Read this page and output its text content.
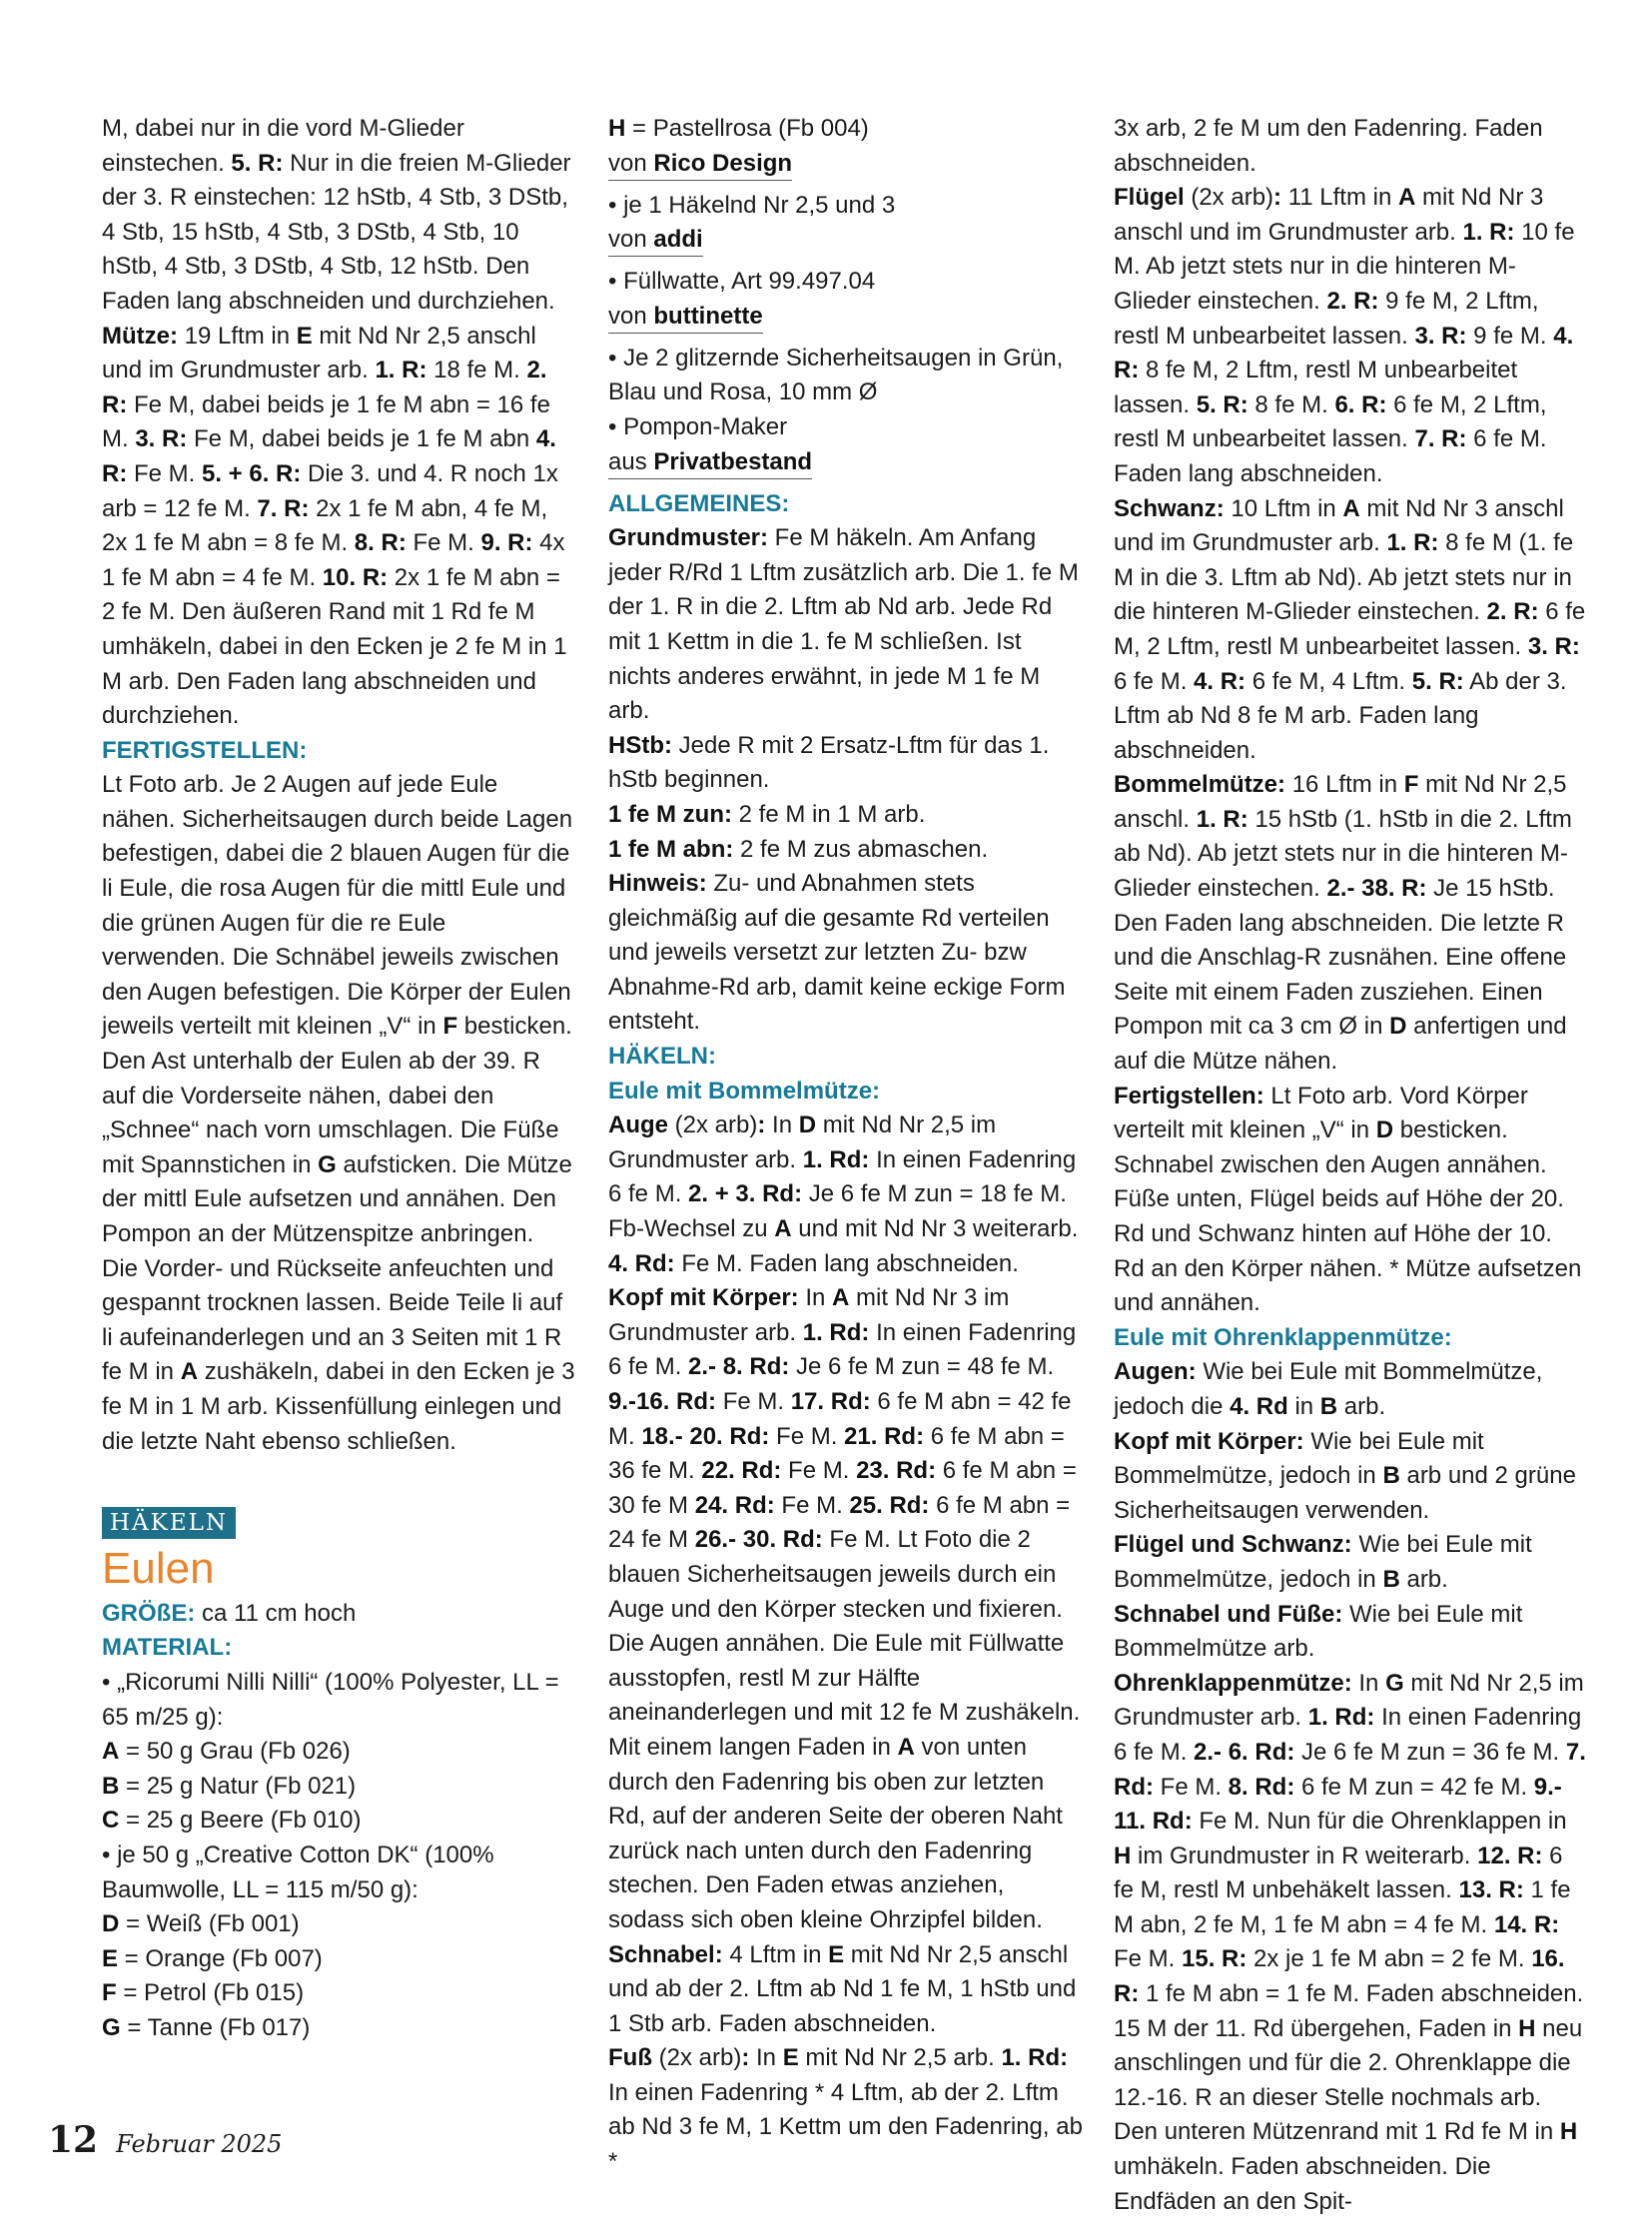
M, dabei nur in die vord M-Glieder einstechen. 5. R: Nur in die freien M-Glieder der 3. R einstechen: 12 hStb, 4 Stb, 3 DStb, 4 Stb, 15 hStb, 4 Stb, 3 DStb, 4 Stb, 10 hStb, 4 Stb, 3 DStb, 4 Stb, 12 hStb. Den Faden lang abschneiden und durchziehen.

Mütze: 19 Lftm in E mit Nd Nr 2,5 anschl und im Grundmuster arb. 1. R: 18 fe M. 2. R: Fe M, dabei beids je 1 fe M abn = 16 fe M. 3. R: Fe M, dabei beids je 1 fe M abn 4. R: Fe M. 5. + 6. R: Die 3. und 4. R noch 1x arb = 12 fe M. 7. R: 2x 1 fe M abn, 4 fe M, 2x 1 fe M abn = 8 fe M. 8. R: Fe M. 9. R: 4x 1 fe M abn = 4 fe M. 10. R: 2x 1 fe M abn = 2 fe M. Den äußeren Rand mit 1 Rd fe M umhäkeln, dabei in den Ecken je 2 fe M in 1 M arb. Den Faden lang abschneiden und durchziehen.

FERTIGSTELLEN:

Lt Foto arb. Je 2 Augen auf jede Eule nähen. Sicherheitsaugen durch beide Lagen befestigen, dabei die 2 blauen Augen für die li Eule, die rosa Augen für die mittl Eule und die grünen Augen für die re Eule verwenden. Die Schnäbel jeweils zwischen den Augen befestigen. Die Körper der Eulen jeweils verteilt mit kleinen „V“ in F besticken. Den Ast unterhalb der Eulen ab der 39. R auf die Vorderseite nähen, dabei den „Schnee“ nach vorn umschlagen. Die Füße mit Spannstichen in G aufsticken. Die Mütze der mittl Eule aufsetzen und annähen. Den Pompon an der Mützenspitze anbringen.

Die Vorder- und Rückseite anfeuchten und gespannt trocknen lassen. Beide Teile li auf li aufeinanderlegen und an 3 Seiten mit 1 R fe M in A zushäkeln, dabei in den Ecken je 3 fe M in 1 M arb. Kissenfüllung einlegen und die letzte Naht ebenso schließen.

HÄKELN

Eulen

GRÖßE: ca 11 cm hoch

MATERIAL:

• „Ricorumi Nilli Nilli“ (100% Polyester, LL = 65 m/25 g):

A = 50 g Grau (Fb 026)

B = 25 g Natur (Fb 021)

C = 25 g Beere (Fb 010)

• je 50 g „Creative Cotton DK“ (100% Baumwolle, LL = 115 m/50 g):

D = Weiß (Fb 001)

E = Orange (Fb 007)

F = Petrol (Fb 015)

G = Tanne (Fb 017)

H = Pastellrosa (Fb 004)

von Rico Design

• je 1 Häkelnd Nr 2,5 und 3

von addi

• Füllwatte, Art 99.497.04

von buttinette

• Je 2 glitzernde Sicherheitsaugen in Grün, Blau und Rosa, 10 mm Ø

• Pompon-Maker

aus Privatbestand

ALLGEMEINES:

Grundmuster: Fe M häkeln. Am Anfang jeder R/Rd 1 Lftm zusätzlich arb. Die 1. fe M der 1. R in die 2. Lftm ab Nd arb. Jede Rd mit 1 Kettm in die 1. fe M schließen. Ist nichts anderes erwähnt, in jede M 1 fe M arb.

HStb: Jede R mit 2 Ersatz-Lftm für das 1. hStb beginnen.

1 fe M zun: 2 fe M in 1 M arb.

1 fe M abn: 2 fe M zus abmaschen.

Hinweis: Zu- und Abnahmen stets gleichmäßig auf die gesamte Rd verteilen und jeweils versetzt zur letzten Zu- bzw Abnahme-Rd arb, damit keine eckige Form entsteht.

HÄKELN:

Eule mit Bommelmütze:

Auge (2x arb): In D mit Nd Nr 2,5 im Grundmuster arb. 1. Rd: In einen Fadenring 6 fe M. 2. + 3. Rd: Je 6 fe M zun = 18 fe M. Fb-Wechsel zu A und mit Nd Nr 3 weiterarb. 4. Rd: Fe M. Faden lang abschneiden.

Kopf mit Körper: In A mit Nd Nr 3 im Grundmuster arb. 1. Rd: In einen Fadenring 6 fe M. 2.- 8. Rd: Je 6 fe M zun = 48 fe M. 9.-16. Rd: Fe M. 17. Rd: 6 fe M abn = 42 fe M. 18.- 20. Rd: Fe M. 21. Rd: 6 fe M abn = 36 fe M. 22. Rd: Fe M. 23. Rd: 6 fe M abn = 30 fe M 24. Rd: Fe M. 25. Rd: 6 fe M abn = 24 fe M 26.- 30. Rd: Fe M. Lt Foto die 2 blauen Sicherheitsaugen jeweils durch ein Auge und den Körper stecken und fixieren. Die Augen annähen. Die Eule mit Füllwatte ausstopfen, restl M zur Hälfte aneinanderlegen und mit 12 fe M zushäkeln. Mit einem langen Faden in A von unten durch den Fadenring bis oben zur letzten Rd, auf der anderen Seite der oberen Naht zurück nach unten durch den Fadenring stechen. Den Faden etwas anziehen, sodass sich oben kleine Ohrzipfel bilden.

Schnabel: 4 Lftm in E mit Nd Nr 2,5 anschl und ab der 2. Lftm ab Nd 1 fe M, 1 hStb und 1 Stb arb. Faden abschneiden.

Fuß (2x arb): In E mit Nd Nr 2,5 arb. 1. Rd: In einen Fadenring * 4 Lftm, ab der 2. Lftm ab Nd 3 fe M, 1 Kettm um den Fadenring, ab *

3x arb, 2 fe M um den Fadenring. Faden abschneiden.

Flügel (2x arb): 11 Lftm in A mit Nd Nr 3 anschl und im Grundmuster arb. 1. R: 10 fe M. Ab jetzt stets nur in die hinteren M-Glieder einstechen. 2. R: 9 fe M, 2 Lftm, restl M unbearbeitet lassen. 3. R: 9 fe M. 4. R: 8 fe M, 2 Lftm, restl M unbearbeitet lassen. 5. R: 8 fe M. 6. R: 6 fe M, 2 Lftm, restl M unbearbeitet lassen. 7. R: 6 fe M. Faden lang abschneiden.

Schwanz: 10 Lftm in A mit Nd Nr 3 anschl und im Grundmuster arb. 1. R: 8 fe M (1. fe M in die 3. Lftm ab Nd). Ab jetzt stets nur in die hinteren M-Glieder einstechen. 2. R: 6 fe M, 2 Lftm, restl M unbearbeitet lassen. 3. R: 6 fe M. 4. R: 6 fe M, 4 Lftm. 5. R: Ab der 3. Lftm ab Nd 8 fe M arb. Faden lang abschneiden.

Bommelmütze: 16 Lftm in F mit Nd Nr 2,5 anschl. 1. R: 15 hStb (1. hStb in die 2. Lftm ab Nd). Ab jetzt stets nur in die hinteren M-Glieder einstechen. 2.- 38. R: Je 15 hStb. Den Faden lang abschneiden. Die letzte R und die Anschlag-R zusnähen. Eine offene Seite mit einem Faden zusziehen. Einen Pompon mit ca 3 cm Ø in D anfertigen und auf die Mütze nähen.

Fertigstellen: Lt Foto arb. Vord Körper verteilt mit kleinen „V“ in D besticken. Schnabel zwischen den Augen annähen. Füße unten, Flügel beids auf Höhe der 20. Rd und Schwanz hinten auf Höhe der 10. Rd an den Körper nähen. * Mütze aufsetzen und annähen.

Eule mit Ohrenklappenmütze:

Augen: Wie bei Eule mit Bommelmütze, jedoch die 4. Rd in B arb.

Kopf mit Körper: Wie bei Eule mit Bommelmütze, jedoch in B arb und 2 grüne Sicherheitsaugen verwenden.

Flügel und Schwanz: Wie bei Eule mit Bommelmütze, jedoch in B arb.

Schnabel und Füße: Wie bei Eule mit Bommelmütze arb.

Ohrenklappenmütze: In G mit Nd Nr 2,5 im Grundmuster arb. 1. Rd: In einen Fadenring 6 fe M. 2.- 6. Rd: Je 6 fe M zun = 36 fe M. 7. Rd: Fe M. 8. Rd: 6 fe M zun = 42 fe M. 9.- 11. Rd: Fe M. Nun für die Ohrenklappen in H im Grundmuster in R weiterarb. 12. R: 6 fe M, restl M unbehäkelt lassen. 13. R: 1 fe M abn, 2 fe M, 1 fe M abn = 4 fe M. 14. R: Fe M. 15. R: 2x je 1 fe M abn = 2 fe M. 16. R: 1 fe M abn = 1 fe M. Faden abschneiden. 15 M der 11. Rd übergehen, Faden in H neu anschlingen und für die 2. Ohrenklappe die 12.-16. R an dieser Stelle nochmals arb. Den unteren Mützenrand mit 1 Rd fe M in H umhäkeln. Faden abschneiden. Die Endfäden an den Spit-

12 Februar 2025
